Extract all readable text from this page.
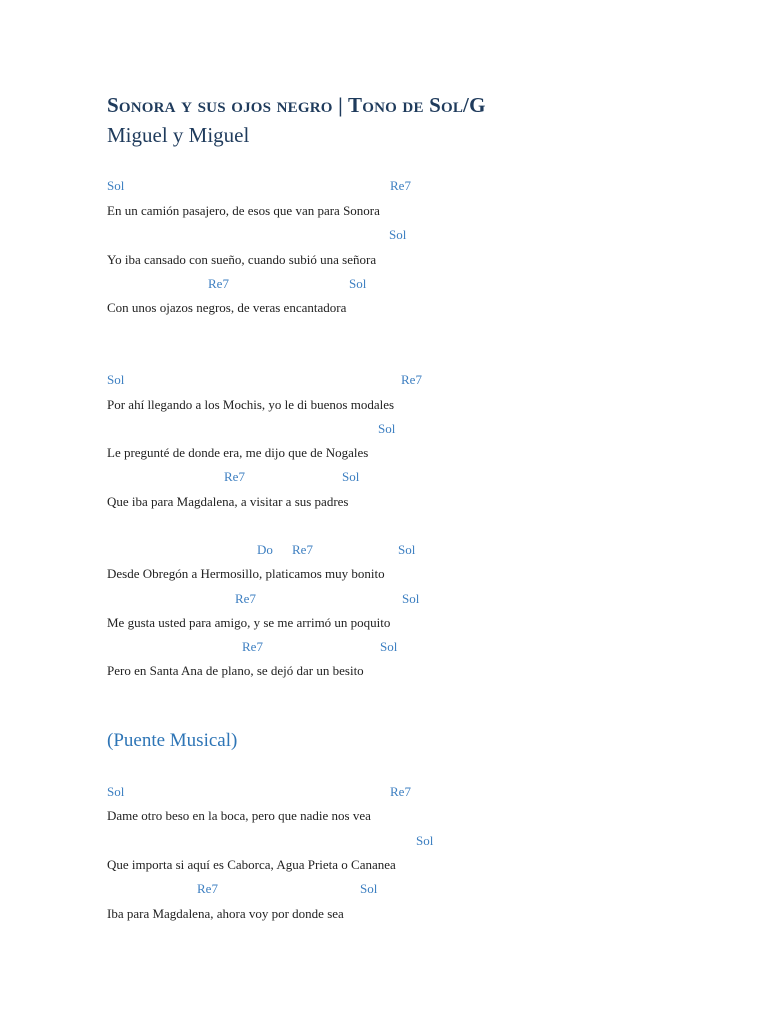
Sonora y sus ojos negro | Tono de Sol/G
Miguel y Miguel
Sol	Re7
En un camión pasajero, de esos que van para Sonora
Sol
Yo iba cansado con sueño, cuando subió una señora
Re7	Sol
Con unos ojazos negros, de veras encantadora
Sol	Re7
Por ahí llegando a los Mochis, yo le di buenos modales
Sol
Le pregunté de donde era, me dijo que de Nogales
Re7	Sol
Que iba para Magdalena, a visitar a sus padres
Do Re7	Sol
Desde Obregón a Hermosillo, platicamos muy bonito
Re7	Sol
Me gusta usted para amigo, y se me arrimó un poquito
Re7	Sol
Pero en Santa Ana de plano, se dejó dar un besito
(Puente Musical)
Sol	Re7
Dame otro beso en la boca, pero que nadie nos vea
Sol
Que importa si aquí es Caborca, Agua Prieta o Cananea
Re7	Sol
Iba para Magdalena, ahora voy por donde sea
